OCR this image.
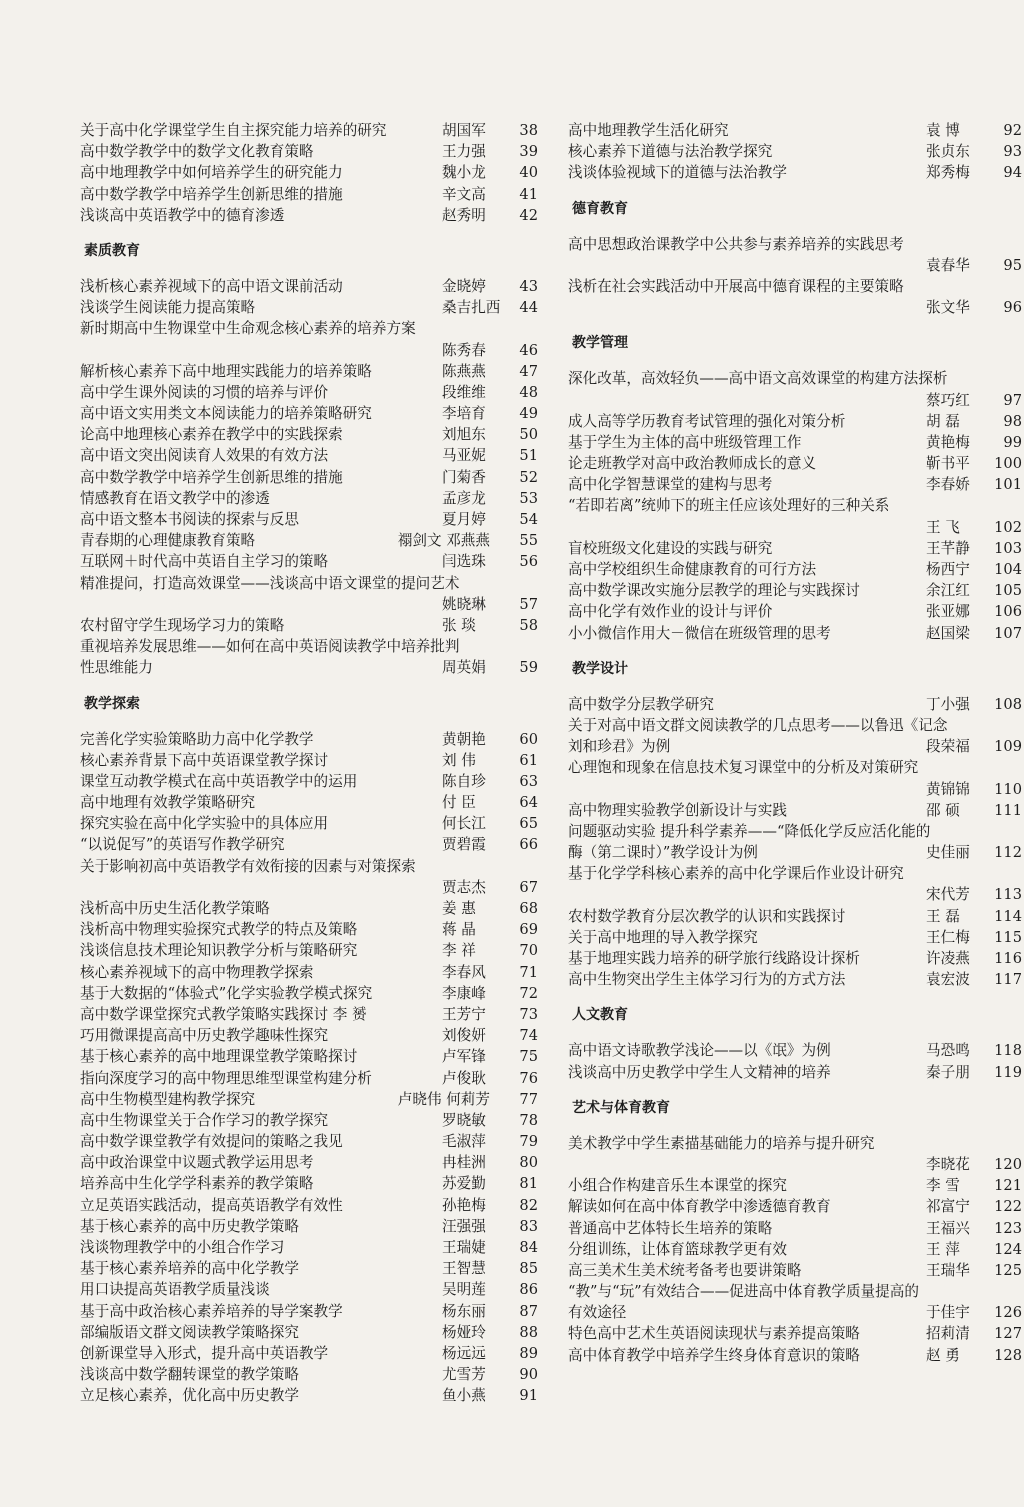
关于高中化学课堂学生自主探究能力培养的研究	胡国军	38
高中数学教学中的数学文化教育策略	王力强	39
高中地理教学中如何培养学生的研究能力	魏小龙	40
高中数学教学中培养学生创新思维的措施	辛文高	41
浅谈高中英语教学中的德育渗透	赵秀明	42
素质教育
浅析核心素养视域下的高中语文课前活动	金晓婷	43
浅谈学生阅读能力提高策略	桑吉扎西	44
新时期高中生物课堂中生命观念核心素养的培养方案
陈秀春	46
解析核心素养下高中地理实践能力的培养策略	陈燕燕	47
高中学生课外阅读的习惯的培养与评价	段维维	48
高中语文实用类文本阅读能力的培养策略研究	李培育	49
论高中地理核心素养在教学中的实践探索	刘旭东	50
高中语文突出阅读育人效果的有效方法	马亚妮	51
高中数学教学中培养学生创新思维的措施	门菊香	52
情感教育在语文教学中的渗透	孟彦龙	53
高中语文整本书阅读的探索与反思	夏月婷	54
青春期的心理健康教育策略	禤剑文 邓燕燕	55
互联网＋时代高中英语自主学习的策略	闫选珠	56
精准提问，打造高效课堂——浅谈高中语文课堂的提问艺术
姚晓琳	57
农村留守学生现场学习力的策略	张 琰	58
重视培养发展思维——如何在高中英语阅读教学中培养批判
性思维能力	周英娟	59
教学探索
完善化学实验策略助力高中化学教学	黄朝艳	60
核心素养背景下高中英语课堂教学探讨	刘 伟	61
课堂互动教学模式在高中英语教学中的运用	陈自珍	63
高中地理有效教学策略研究	付 臣	64
探究实验在高中化学实验中的具体应用	何长江	65
“以说促写”的英语写作教学研究	贾碧霞	66
关于影响初高中英语教学有效衔接的因素与对策探索
贾志杰	67
浅析高中历史生活化教学策略	姜 惠	68
浅析高中物理实验探究式教学的特点及策略	蒋 晶	69
浅谈信息技术理论知识教学分析与策略研究	李 祥	70
核心素养视域下的高中物理教学探索	李春风	71
基于大数据的“体验式”化学实验教学模式探究	李康峰	72
高中数学课堂探究式教学策略实践探讨 李 赟	王芳宁	73
巧用微课提高高中历史教学趣味性探究	刘俊妍	74
基于核心素养的高中地理课堂教学策略探讨	卢军锋	75
指向深度学习的高中物理思维型课堂构建分析	卢俊耿	76
高中生物模型建构教学探究	卢晓伟 何莉芳	77
高中生物课堂关于合作学习的教学探究	罗晓敏	78
高中数学课堂教学有效提问的策略之我见	毛淑萍	79
高中政治课堂中议题式教学运用思考	冉桂洲	80
培养高中生化学学科素养的教学策略	苏爱勤	81
立足英语实践活动，提高英语教学有效性	孙艳梅	82
基于核心素养的高中历史教学策略	汪强强	83
浅谈物理教学中的小组合作学习	王瑞婕	84
基于核心素养培养的高中化学教学	王智慧	85
用口诀提高英语教学质量浅谈	吴明莲	86
基于高中政治核心素养培养的导学案教学	杨东丽	87
部编版语文群文阅读教学策略探究	杨娅玲	88
创新课堂导入形式，提升高中英语教学	杨远远	89
浅谈高中数学翻转课堂的教学策略	尤雪芳	90
立足核心素养，优化高中历史教学	鱼小燕	91
高中地理教学生活化研究	袁 博	92
核心素养下道德与法治教学探究	张贞东	93
浅谈体验视域下的道德与法治教学	郑秀梅	94
德育教育
高中思想政治课教学中公共参与素养培养的实践思考
袁春华	95
浅析在社会实践活动中开展高中德育课程的主要策略
张文华	96
教学管理
深化改革，高效轻负——高中语文高效课堂的构建方法探析
蔡巧红	97
成人高等学历教育考试管理的强化对策分析	胡 磊	98
基于学生为主体的高中班级管理工作	黄艳梅	99
论走班教学对高中政治教师成长的意义	靳书平	100
高中化学智慧课堂的建构与思考	李春娇	101
“若即若离”统帅下的班主任应该处理好的三种关系
王 飞	102
盲校班级文化建设的实践与研究	王芊静	103
高中学校组织生命健康教育的可行方法	杨西宁	104
高中数学课改实施分层教学的理论与实践探讨	余江红	105
高中化学有效作业的设计与评价	张亚娜	106
小小微信作用大－微信在班级管理的思考	赵国梁	107
教学设计
高中数学分层教学研究	丁小强	108
关于对高中语文群文阅读教学的几点思考——以鲁迅《记念
刘和珍君》为例	段荣福	109
心理饱和现象在信息技术复习课堂中的分析及对策研究
黄锦锦	110
高中物理实验教学创新设计与实践	邵 硕	111
问题驱动实验 提升科学素养——“降低化学反应活化能的
酶（第二课时）”教学设计为例	史佳丽	112
基于化学学科核心素养的高中化学课后作业设计研究
宋代芳	113
农村数学教育分层次教学的认识和实践探讨	王 磊	114
关于高中地理的导入教学探究	王仁梅	115
基于地理实践力培养的研学旅行线路设计探析	许凌燕	116
高中生物突出学生主体学习行为的方式方法	袁宏波	117
人文教育
高中语文诗歌教学浅论——以《氓》为例	马恐鸣	118
浅谈高中历史教学中学生人文精神的培养	秦子朋	119
艺术与体育教育
美术教学中学生素描基础能力的培养与提升研究
李晓花	120
小组合作构建音乐生本课堂的探究	李 雪	121
解读如何在高中体育教学中渗透德育教育	祁富宁	122
普通高中艺体特长生培养的策略	王福兴	123
分组训练，让体育篮球教学更有效	王 萍	124
高三美术生美术统考备考也要讲策略	王瑞华	125
“教”与“玩”有效结合——促进高中体育教学质量提高的
有效途径	于佳宇	126
特色高中艺术生英语阅读现状与素养提高策略	招莉清	127
高中体育教学中培养学生终身体育意识的策略	赵 勇	128
